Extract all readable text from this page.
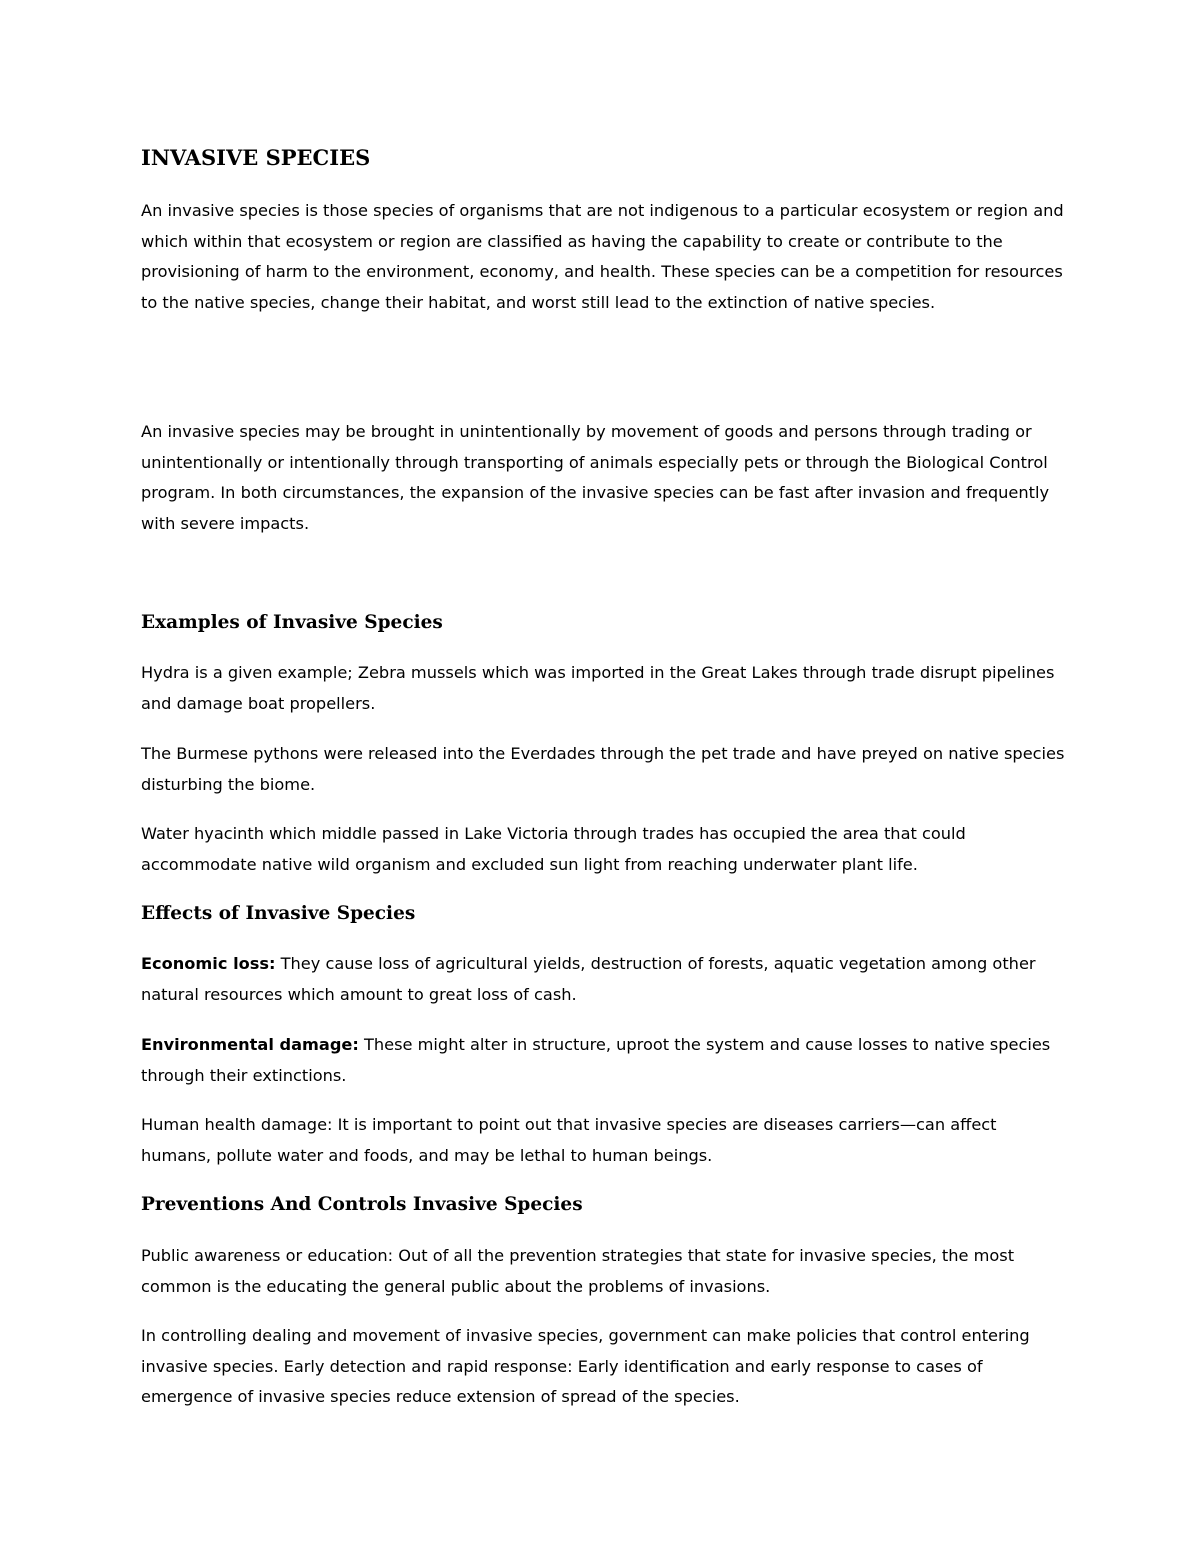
INVASIVE SPECIES

An invasive species is those species of organisms that are not indigenous to a particular ecosystem or region and which within that ecosystem or region are classified as having the capability to create or contribute to the provisioning of harm to the environment, economy, and health. These species can be a competition for resources to the native species, change their habitat, and worst still lead to the extinction of native species.

An invasive species may be brought in unintentionally by movement of goods and persons through trading or unintentionally or intentionally through transporting of animals especially pets or through the Biological Control program. In both circumstances, the expansion of the invasive species can be fast after invasion and frequently with severe impacts.

Examples of Invasive Species

Hydra is a given example; Zebra mussels which was imported in the Great Lakes through trade disrupt pipelines and damage boat propellers.

The Burmese pythons were released into the Everdades through the pet trade and have preyed on native species disturbing the biome.

Water hyacinth which middle passed in Lake Victoria through trades has occupied the area that could accommodate native wild organism and excluded sun light from reaching underwater plant life.

Effects of Invasive Species

Economic loss: They cause loss of agricultural yields, destruction of forests, aquatic vegetation among other natural resources which amount to great loss of cash.

Environmental damage: These might alter in structure, uproot the system and cause losses to native species through their extinctions.

Human health damage: It is important to point out that invasive species are diseases carriers—can affect humans, pollute water and foods, and may be lethal to human beings.

Preventions And Controls Invasive Species

Public awareness or education: Out of all the prevention strategies that state for invasive species, the most common is the educating the general public about the problems of invasions.

In controlling dealing and movement of invasive species, government can make policies that control entering invasive species. Early detection and rapid response: Early identification and early response to cases of emergence of invasive species reduce extension of spread of the species.
